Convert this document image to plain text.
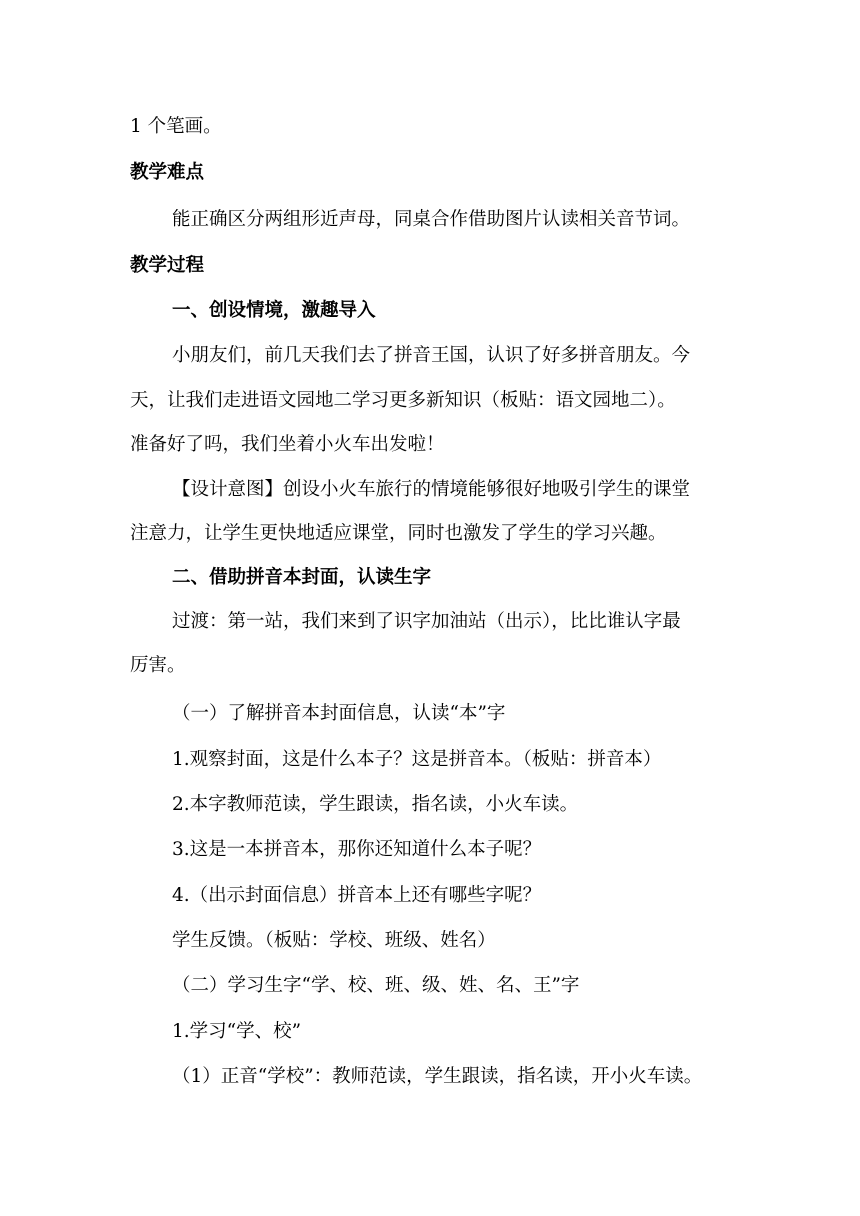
1 个笔画。
教学难点
能正确区分两组形近声母，同桌合作借助图片认读相关音节词。
教学过程
一、创设情境，激趣导入
小朋友们，前几天我们去了拼音王国，认识了好多拼音朋友。今
天，让我们走进语文园地二学习更多新知识（板贴：语文园地二）。
准备好了吗，我们坐着小火车出发啦！
【设计意图】创设小火车旅行的情境能够很好地吸引学生的课堂
注意力，让学生更快地适应课堂，同时也激发了学生的学习兴趣。
二、借助拼音本封面，认读生字
过渡：第一站，我们来到了识字加油站（出示），比比谁认字最
厉害。
（一）了解拼音本封面信息，认读“本”字
1.观察封面，这是什么本子？这是拼音本。（板贴：拼音本）
2.本字教师范读，学生跟读，指名读，小火车读。
3.这是一本拼音本，那你还知道什么本子呢？
4.（出示封面信息）拼音本上还有哪些字呢？
学生反馈。（板贴：学校、班级、姓名）
（二）学习生字“学、校、班、级、姓、名、王”字
1.学习“学、校”
（1）正音“学校”：教师范读，学生跟读，指名读，开小火车读。
